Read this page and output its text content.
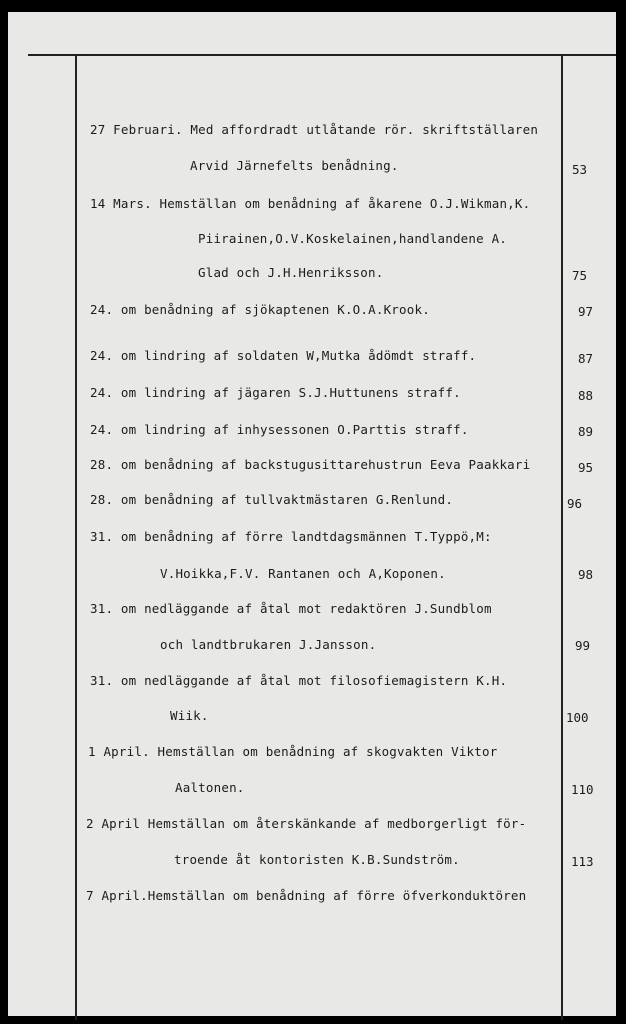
27 Februari. Med affordradt utlåtande rör. skriftställaren
Arvid Järnefelts benådning.	53
14 Mars. Hemställan om benådning af åkarene O.J.Wikman,K.
Piirainen,O.V.Koskelainen,handlandene A.
Glad och J.H.Henriksson.	75
24. om benådning af sjökaptenen K.O.A.Krook.	97
24. om lindring af soldaten W,Mutka ådömdt straff.	87
24. om lindring af jägaren S.J.Huttunens straff.	88
24. om lindring af inhysessonen O.Parttis straff.	89
28. om benådning af backstugusittarehustrun Eeva Paakkari	95
28. om benådning af tullvaktmästaren G.Renlund.	96
31. om benådning af förre landtdagsmännen T.Typpö,M:
V.Hoikka,F.V. Rantanen och A,Koponen.	98
31. om nedläggande af åtal mot redaktören J.Sundblom
och landtbrukaren J.Jansson.	99
31. om nedläggande af åtal mot filosofiemagistern K.H.
Wiik.	100
1 April. Hemställan om benådning af skogvakten Viktor
Aaltonen.	110
2 April Hemställan om återskänkande af medborgerligt för-
troende åt kontoristen K.B.Sundström.	113
7 April.Hemställan om benådning af förre öfverkonduktören
